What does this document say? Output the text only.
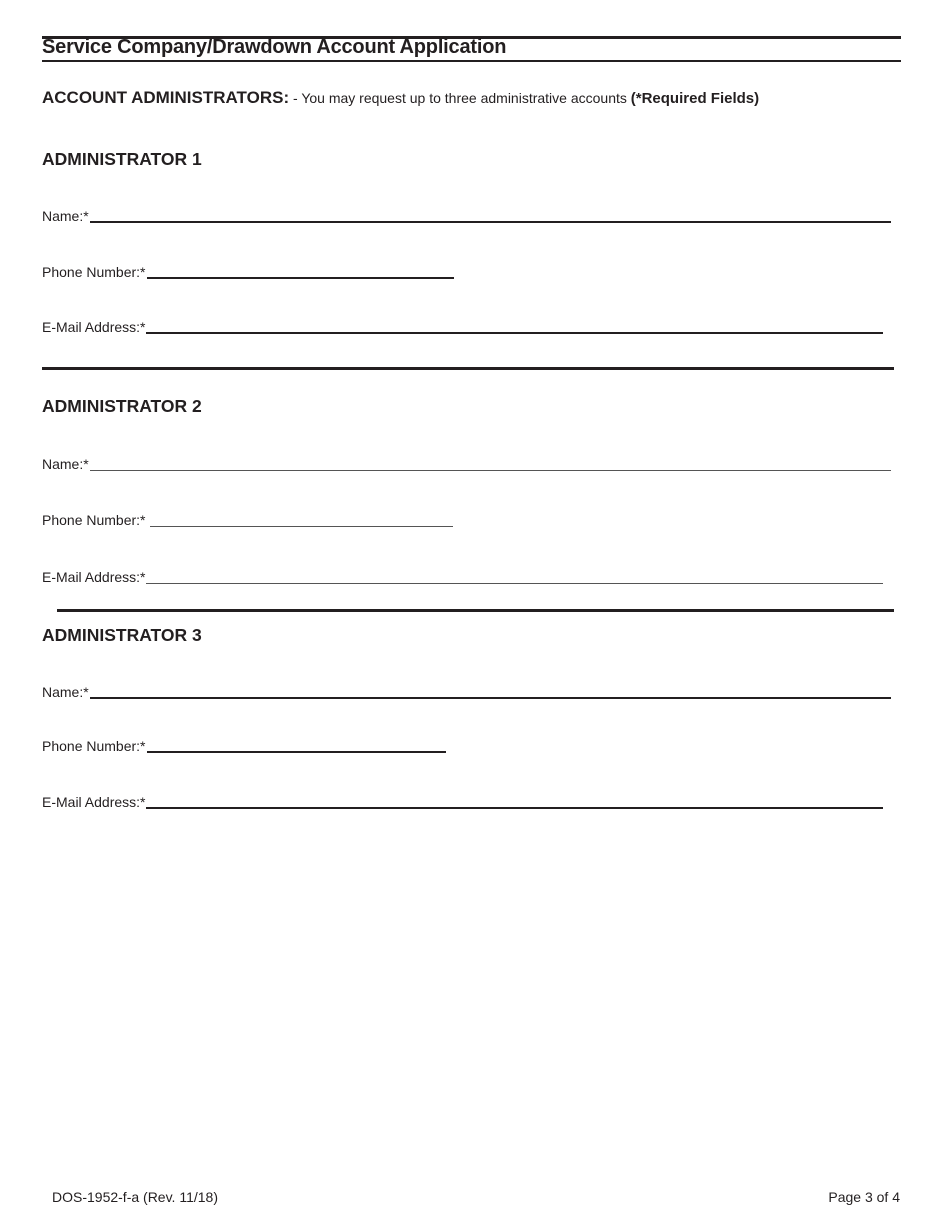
Service Company/Drawdown Account Application
ACCOUNT ADMINISTRATORS: - You may request up to three administrative accounts (*Required Fields)
ADMINISTRATOR 1
Name:*
Phone Number:*
E-Mail Address:*
ADMINISTRATOR 2
Name:*
Phone Number:*
E-Mail Address:*
ADMINISTRATOR 3
Name:*
Phone Number:*
E-Mail Address:*
DOS-1952-f-a (Rev. 11/18)	Page 3 of 4
